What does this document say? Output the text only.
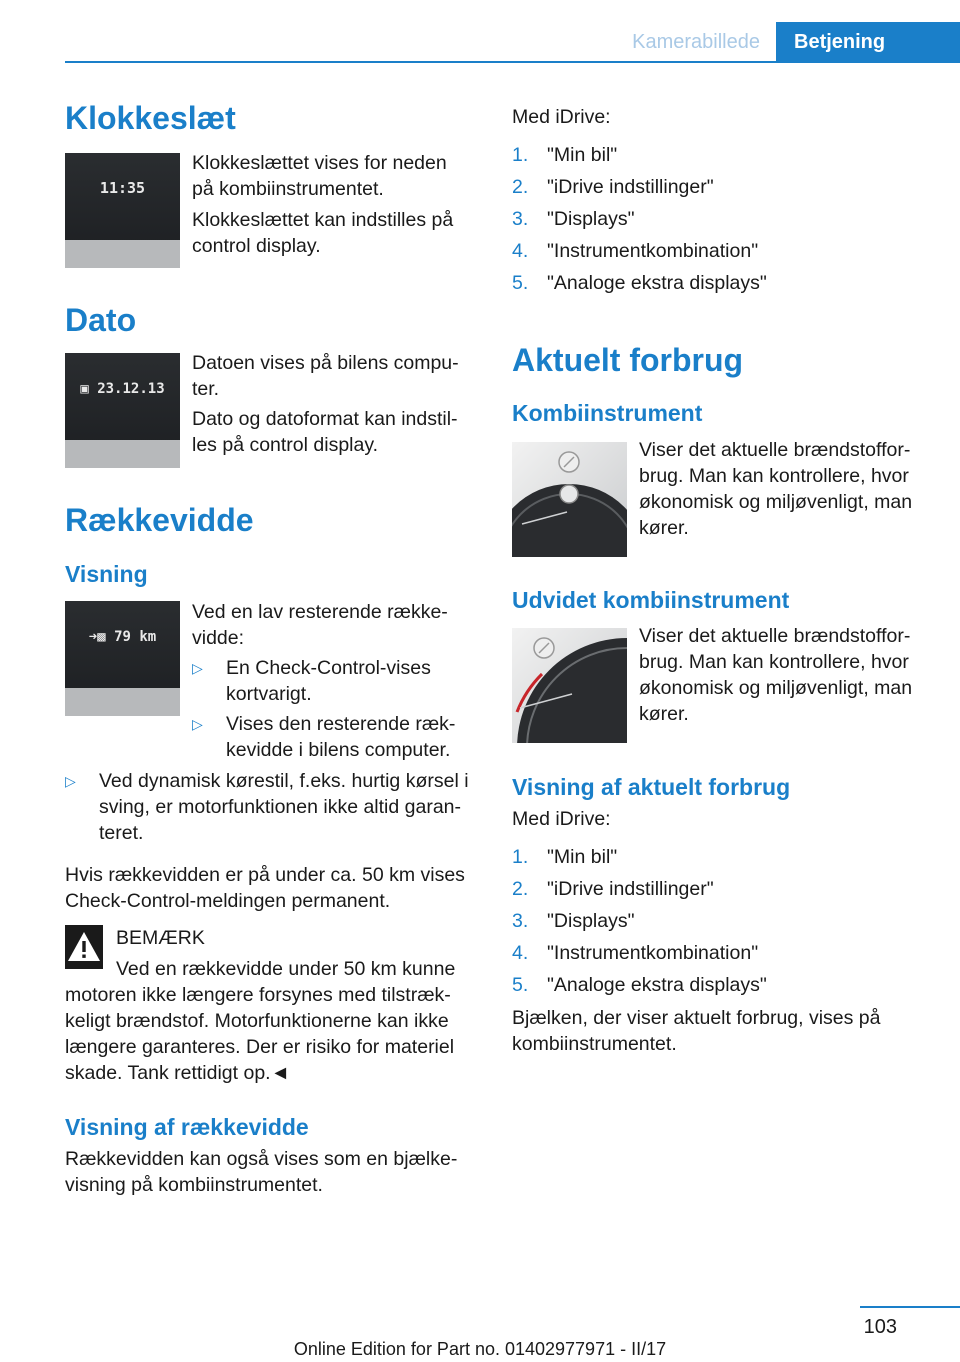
Kamerabillede	Betjening
Klokkeslæt
11:35

Klokkeslættet vises for neden på kombiinstrumentet.

Klokkeslættet kan indstilles på control display.

Dato
▣ 23.12.13

Datoen vises på bilens compu-ter.

Dato og datoformat kan indstil-les på control display.

Rækkevidde
Visning
➜▩ 79 km

Ved en lav resterende række-vidde:

▷ En Check-Control-vises kortvarigt.
▷ Vises den resterende ræk-kevidde i bilens computer.
▷ Ved dynamisk kørestil, f.eks. hurtig kørsel i sving, er motorfunktionen ikke altid garan-teret.

Hvis rækkevidden er på under ca. 50 km vises Check-Control-meldingen permanent.

BEMÆRK

Ved en rækkevidde under 50 km kunne motoren ikke længere forsynes med tilstræk-keligt brændstof. Motorfunktionerne kan ikke længere garanteres. Der er risiko for materiel skade. Tank rettidigt op.◄

Visning af rækkevidde

Rækkevidden kan også vises som en bjælke-visning på kombiinstrumentet.

Med iDrive:

1. "Min bil"
2. "iDrive indstillinger"
3. "Displays"
4. "Instrumentkombination"
5. "Analoge ekstra displays"
Aktuelt forbrug
Kombiinstrument

Viser det aktuelle brændstoffor-brug. Man kan kontrollere, hvor økonomisk og miljøvenligt, man kører.

Udvidet kombiinstrument

Viser det aktuelle brændstoffor-brug. Man kan kontrollere, hvor økonomisk og miljøvenligt, man kører.

Visning af aktuelt forbrug

Med iDrive:

1. "Min bil"
2. "iDrive indstillinger"
3. "Displays"
4. "Instrumentkombination"
5. "Analoge ekstra displays"

Bjælken, der viser aktuelt forbrug, vises på kombiinstrumentet.

103
Online Edition for Part no. 01402977971 - II/17
